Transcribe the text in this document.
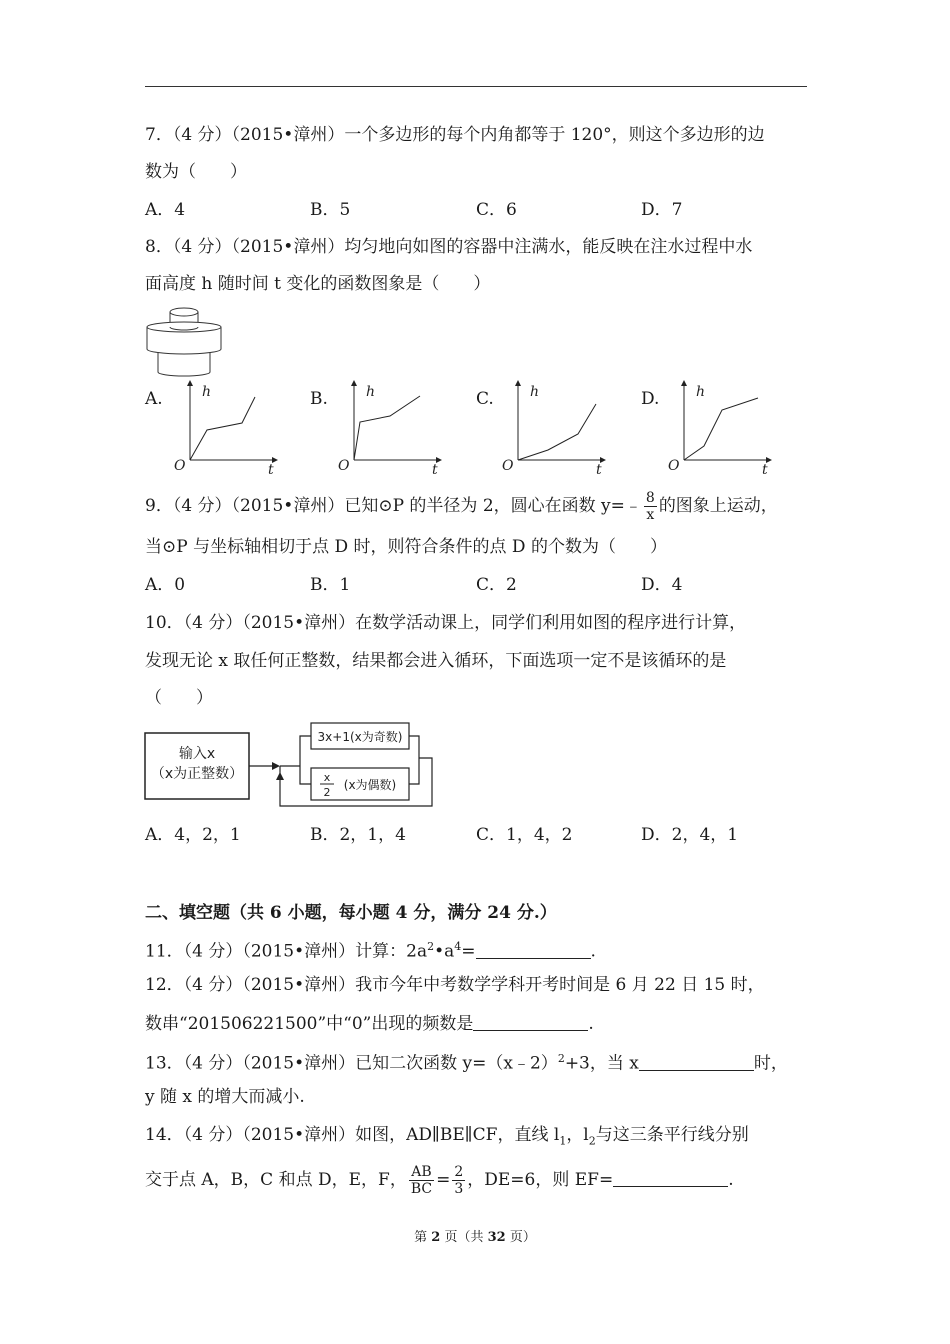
7．（4 分）（2015•漳州）一个多边形的每个内角都等于 120°，则这个多边形的边
数为（　　）
A．4	B．5	C．6	D．7
8．（4 分）（2015•漳州）均匀地向如图的容器中注满水，能反映在注水过程中水
面高度 h 随时间 t 变化的函数图象是（　　）
A.	B.	C.	D.
h
O	t
h
O	t
h
O	t
h
O	t
9．（4 分）（2015•漳州）已知⊙P 的半径为 2，圆心在函数 y=﹣ $\frac{8}{x}$ 的图象上运动，
当⊙P 与坐标轴相切于点 D 时，则符合条件的点 D 的个数为（　　）
A．0	B．1	C．2	D．4
10．（4 分）（2015•漳州）在数学活动课上，同学们利用如图的程序进行计算，
发现无论 x 取任何正整数，结果都会进入循环，下面选项一定不是该循环的是
（　　）
输入x
（x为正整数）
3x+1(x为奇数)
x
2
(x为偶数)
A．4，2，1	B．2，1，4	C．1，4，2	D．2，4，1
二、填空题（共 6 小题，每小题 4 分，满分 24 分.）
11．（4 分）（2015•漳州）计算：$2a^2•a^4=$	.
12．（4 分）（2015•漳州）我市今年中考数学学科开考时间是 6 月 22 日 15 时，
数串“201506221500”中“0”出现的频数是	.
13．（4 分）（2015•漳州）已知二次函数 y=（x﹣2）$^2$+3，当 x	时，
y 随 x 的增大而减小.
14．（4 分）（2015•漳州）如图，AD∥BE∥CF，直线 $l_1$，$l_2$与这三条平行线分别
交于点 A，B，C 和点 D，E，F， $\frac{AB}{BC} = \frac{2}{3}$ ，DE=6，则 EF=	.
第 2 页（共 32 页）
